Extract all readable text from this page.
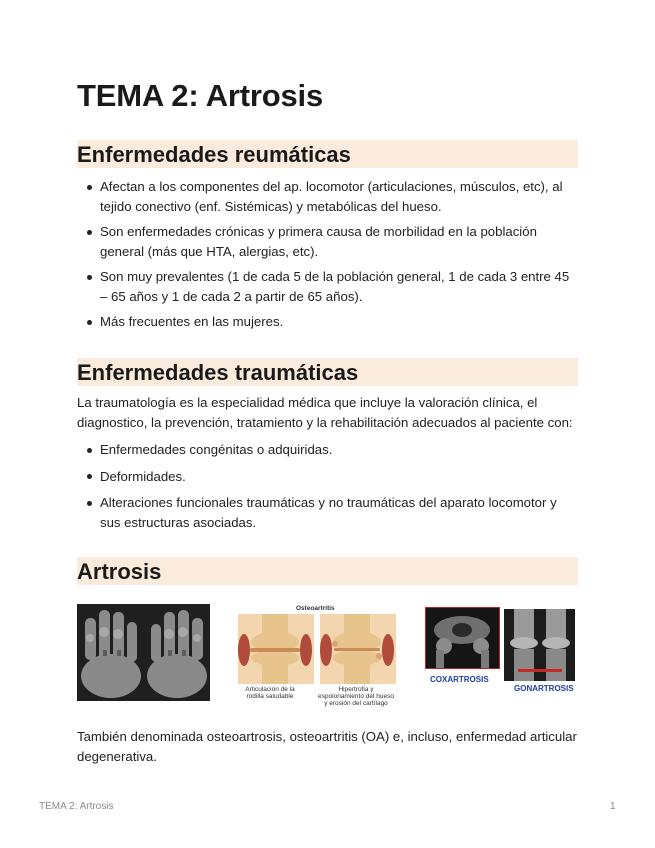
TEMA 2: Artrosis
Enfermedades reumáticas
Afectan a los componentes del ap. locomotor (articulaciones, músculos, etc), al tejido conectivo (enf. Sistémicas) y metabólicas del hueso.
Son enfermedades crónicas y primera causa de morbilidad en la población general (más que HTA, alergias, etc).
Son muy prevalentes (1 de cada 5 de la población general, 1 de cada 3 entre 45 – 65 años y 1 de cada 2 a partir de 65 años).
Más frecuentes en las mujeres.
Enfermedades traumáticas

La traumatología es la especialidad médica que incluye la valoración clínica, el diagnostico, la prevención, tratamiento y la rehabilitación adecuados al paciente con:

Enfermedades congénitas o adquiridas.
Deformidades.
Alteraciones funcionales traumáticas y no traumáticas del aparato locomotor y sus estructuras asociadas.
Artrosis
Osteoartritis
Articulación de la rodilla saludable
Hipertrofia y espolonamiento del hueso y erosión del cartílago
COXARTROSIS
GONARTROSIS

También denominada osteoartrosis, osteoartritis (OA) e, incluso, enfermedad articular degenerativa.

TEMA 2: Artrosis	1
